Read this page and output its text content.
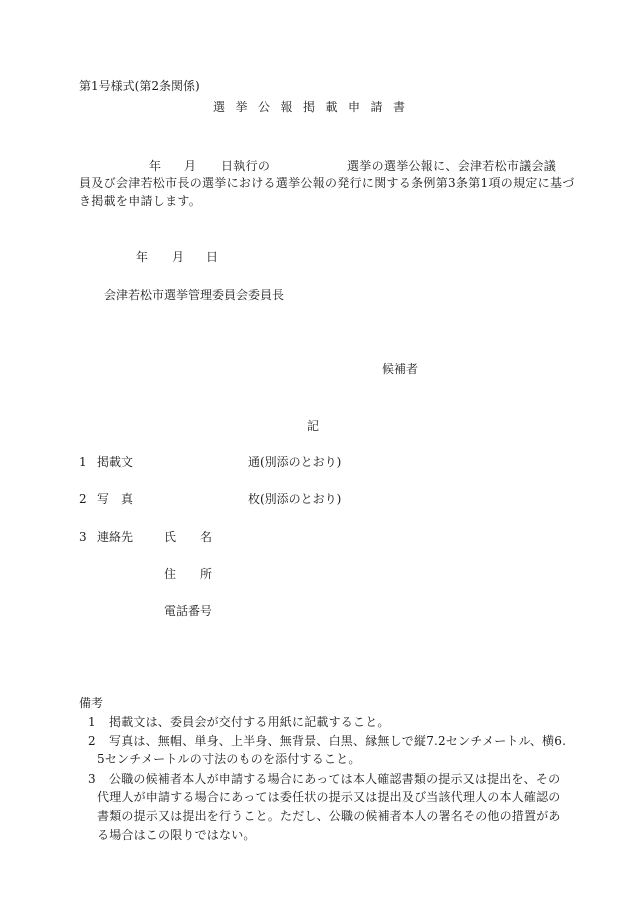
第1号様式(第2条関係)
選挙公報掲載申請書
年 月 日執行の	選挙の選挙公報に、会津若松市議会議
員及び会津若松市長の選挙における選挙公報の発行に関する条例第3条第1項の規定に基づ
き掲載を申請します。
年 月 日
会津若松市選挙管理委員会委員長
候補者
記
1 掲載文	通(別添のとおり)
2 写　真	枚(別添のとおり)
3 連絡先	氏　　名
住　　所
電話番号
備考
1 掲載文は、委員会が交付する用紙に記載すること。
2 写真は、無帽、単身、上半身、無背景、白黒、縁無しで縦7.2センチメートル、横6.
5センチメートルの寸法のものを添付すること。
3 公職の候補者本人が申請する場合にあっては本人確認書類の提示又は提出を、その
代理人が申請する場合にあっては委任状の提示又は提出及び当該代理人の本人確認の
書類の提示又は提出を行うこと。ただし、公職の候補者本人の署名その他の措置があ
る場合はこの限りではない。
